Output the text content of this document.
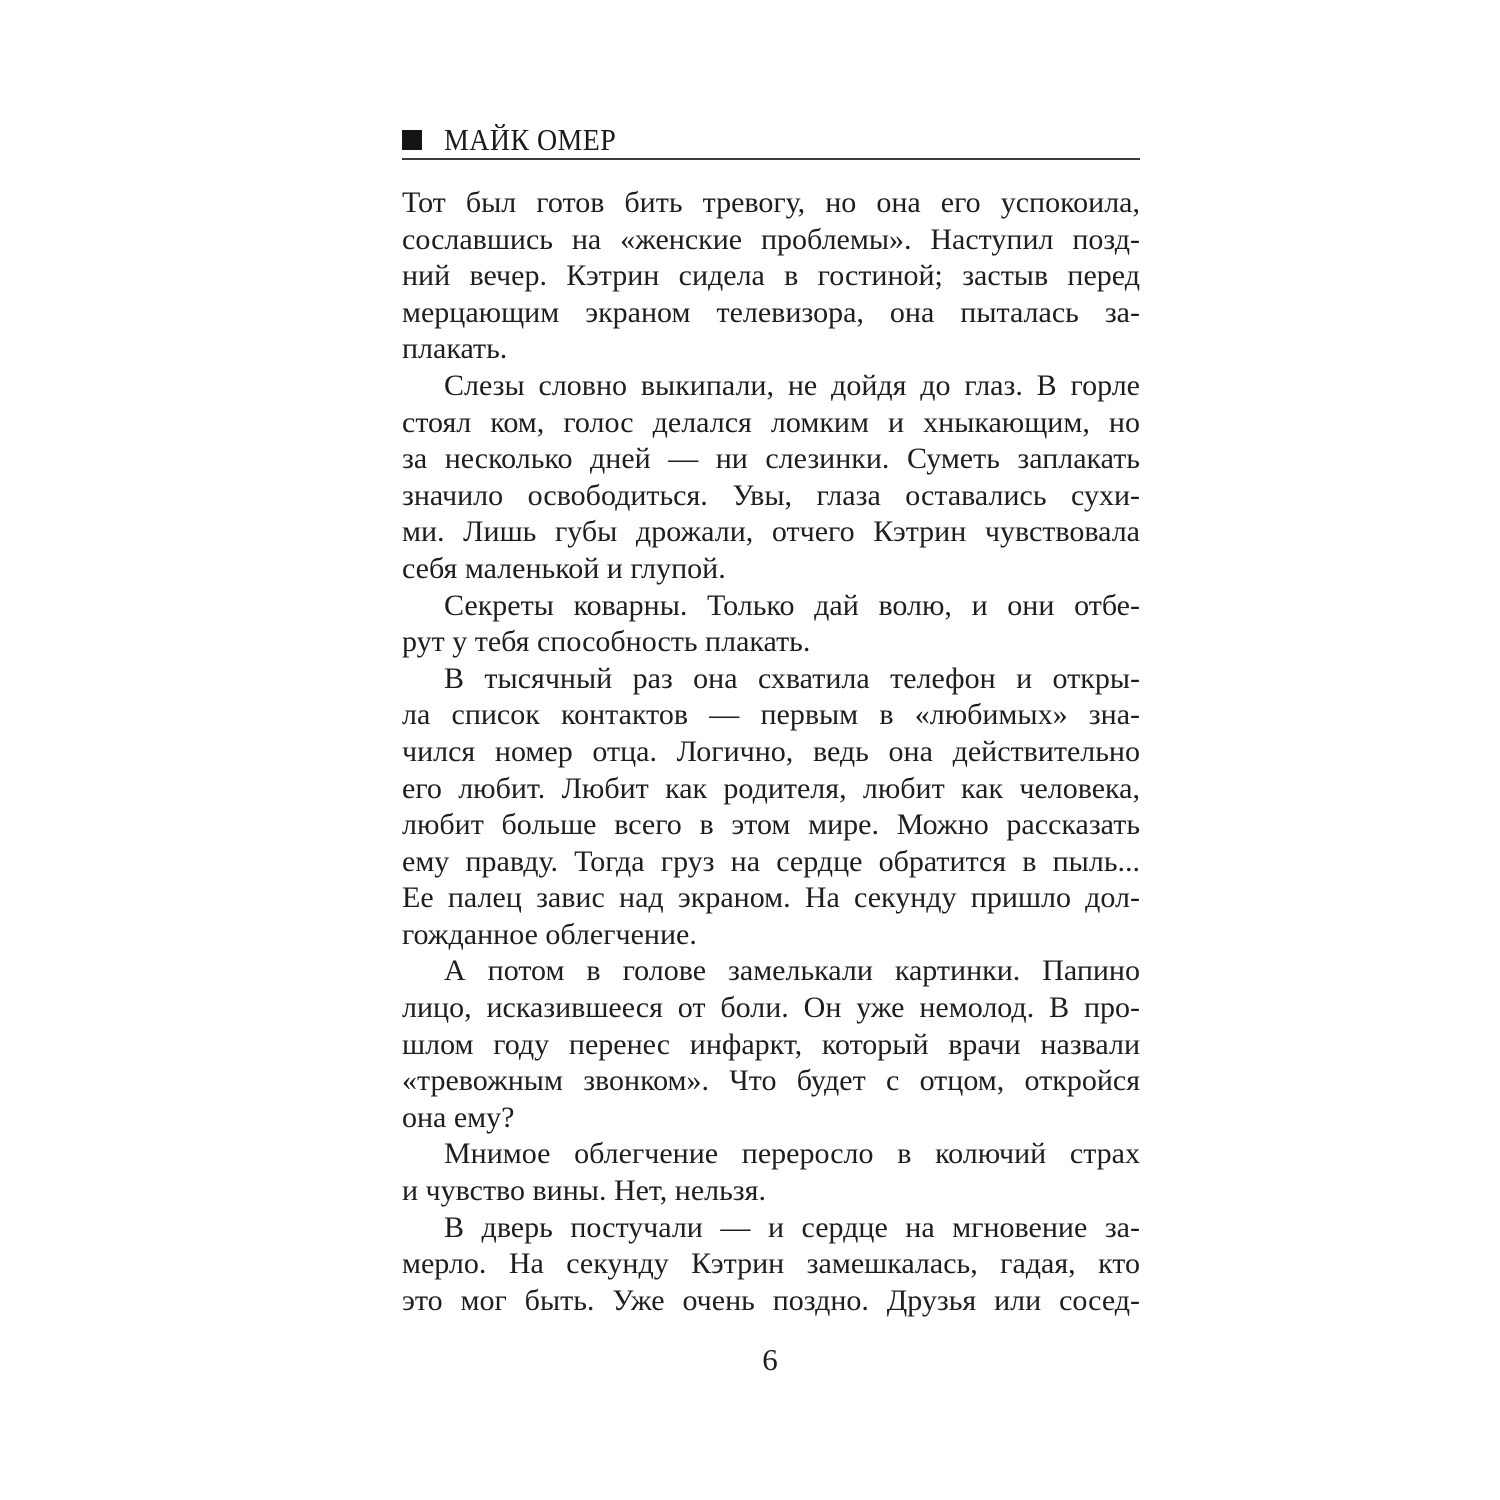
МАЙК ОМЕР
Тот был готов бить тревогу, но она его успокоила,
сославшись на «женские проблемы». Наступил позд-
ний вечер. Кэтрин сидела в гостиной; застыв перед
мерцающим экраном телевизора, она пыталась за-
плакать.
Слезы словно выкипали, не дойдя до глаз. В горле
стоял ком, голос делался ломким и хныкающим, но
за несколько дней — ни слезинки. Суметь заплакать
значило освободиться. Увы, глаза оставались сухи-
ми. Лишь губы дрожали, отчего Кэтрин чувствовала
себя маленькой и глупой.
Секреты коварны. Только дай волю, и они отбе-
рут у тебя способность плакать.
В тысячный раз она схватила телефон и откры-
ла список контактов — первым в «любимых» зна-
чился номер отца. Логично, ведь она действительно
его любит. Любит как родителя, любит как человека,
любит больше всего в этом мире. Можно рассказать
ему правду. Тогда груз на сердце обратится в пыль...
Ее палец завис над экраном. На секунду пришло дол-
гожданное облегчение.
А потом в голове замелькали картинки. Папино
лицо, исказившееся от боли. Он уже немолод. В про-
шлом году перенес инфаркт, который врачи назвали
«тревожным звонком». Что будет с отцом, откройся
она ему?
Мнимое облегчение переросло в колючий страх
и чувство вины. Нет, нельзя.
В дверь постучали — и сердце на мгновение за-
мерло. На секунду Кэтрин замешкалась, гадая, кто
это мог быть. Уже очень поздно. Друзья или сосед-
6
